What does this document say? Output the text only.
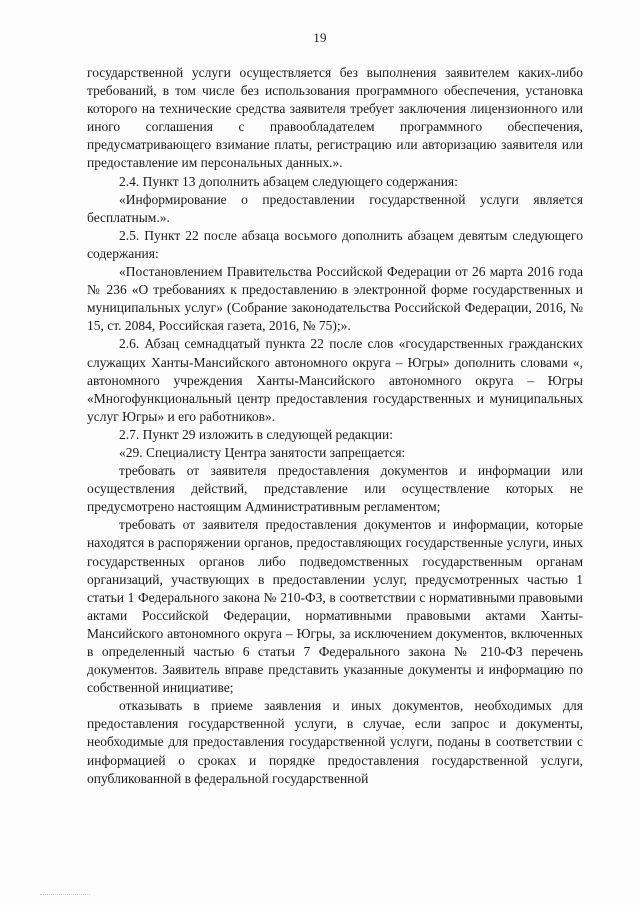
19

государственной услуги осуществляется без выполнения заявителем каких-либо требований, в том числе без использования программного обеспечения, установка которого на технические средства заявителя требует заключения лицензионного или иного соглашения с правообладателем программного обеспечения, предусматривающего взимание платы, регистрацию или авторизацию заявителя или предоставление им персональных данных.».

2.4. Пункт 13 дополнить абзацем следующего содержания:

«Информирование о предоставлении государственной услуги является бесплатным.».

2.5. Пункт 22 после абзаца восьмого дополнить абзацем девятым следующего содержания:

«Постановлением Правительства Российской Федерации от 26 марта 2016 года № 236 «О требованиях к предоставлению в электронной форме государственных и муниципальных услуг» (Собрание законодательства Российской Федерации, 2016, № 15, ст. 2084, Российская газета, 2016, № 75);».

2.6. Абзац семнадцатый пункта 22 после слов «государственных гражданских служащих Ханты-Мансийского автономного округа – Югры» дополнить словами «, автономного учреждения Ханты-Мансийского автономного округа – Югры «Многофункциональный центр предоставления государственных и муниципальных услуг Югры» и его работников».

2.7. Пункт 29 изложить в следующей редакции:

«29. Специалисту Центра занятости запрещается:

требовать от заявителя предоставления документов и информации или осуществления действий, представление или осуществление которых не предусмотрено настоящим Административным регламентом;

требовать от заявителя предоставления документов и информации, которые находятся в распоряжении органов, предоставляющих государственные услуги, иных государственных органов либо подведомственных государственным органам организаций, участвующих в предоставлении услуг, предусмотренных частью 1 статьи 1 Федерального закона № 210-ФЗ, в соответствии с нормативными правовыми актами Российской Федерации, нормативными правовыми актами Ханты-Мансийского автономного округа – Югры, за исключением документов, включенных в определенный частью 6 статьи 7 Федерального закона № 210-ФЗ перечень документов. Заявитель вправе представить указанные документы и информацию по собственной инициативе;

отказывать в приеме заявления и иных документов, необходимых для предоставления государственной услуги, в случае, если запрос и документы, необходимые для предоставления государственной услуги, поданы в соответствии с информацией о сроках и порядке предоставления государственной услуги, опубликованной в федеральной государственной
